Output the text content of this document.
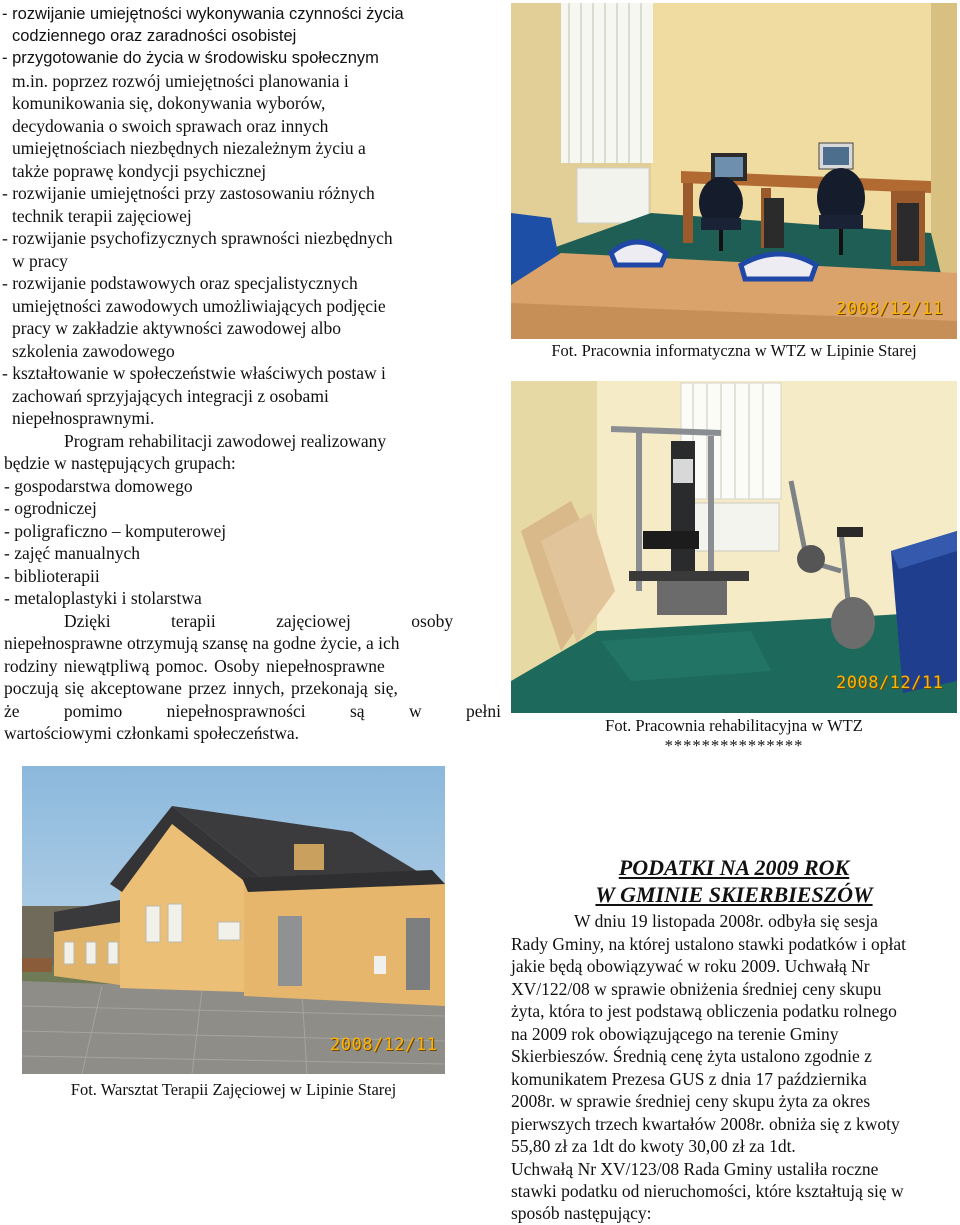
- rozwijanie umiejętności wykonywania czynności życia
codziennego oraz zaradności osobistej
- przygotowanie do życia w środowisku społecznym
m.in. poprzez rozwój umiejętności planowania i
komunikowania się, dokonywania wyborów,
decydowania o swoich sprawach oraz innych
umiejętnościach niezbędnych niezależnym życiu a
także poprawę kondycji psychicznej
- rozwijanie umiejętności przy zastosowaniu różnych
technik terapii zajęciowej
- rozwijanie psychofizycznych sprawności niezbędnych
w pracy
- rozwijanie podstawowych oraz specjalistycznych
umiejętności zawodowych umożliwiających podjęcie
pracy w zakładzie aktywności zawodowej albo
szkolenia zawodowego
- kształtowanie w społeczeństwie właściwych postaw i
zachowań sprzyjających integracji z osobami
niepełnosprawnymi.
Program rehabilitacji zawodowej realizowany
będzie w następujących grupach:
- gospodarstwa domowego
- ogrodniczej
- poligraficzno – komputerowej
- zajęć manualnych
- biblioterapii
- metaloplastyki i stolarstwa
Dzięki terapii zajęciowej osoby
niepełnosprawne otrzymują szansę na godne życie, a ich
rodziny niewątpliwą pomoc. Osoby niepełnosprawne
poczują się akceptowane przez innych, przekonają się,
że pomimo niepełnosprawności są w pełni
wartościowymi członkami społeczeństwa.
2008/12/11
Fot. Pracownia informatyczna w WTZ w Lipinie Starej
2008/12/11
Fot. Pracownia rehabilitacyjna w WTZ
***************
2008/12/11
Fot. Warsztat Terapii Zajęciowej w Lipinie Starej
PODATKI NA 2009 ROK
W GMINIE SKIERBIESZÓW
W dniu 19 listopada 2008r. odbyła się sesja
Rady Gminy, na której ustalono stawki podatków i opłat
jakie będą obowiązywać w roku 2009. Uchwałą Nr
XV/122/08 w sprawie obniżenia średniej ceny skupu
żyta, która to jest podstawą obliczenia podatku rolnego
na 2009 rok obowiązującego na terenie Gminy
Skierbieszów. Średnią cenę żyta ustalono zgodnie z
komunikatem Prezesa GUS z dnia 17 października
2008r. w sprawie średniej ceny skupu żyta za okres
pierwszych trzech kwartałów 2008r. obniża się z kwoty
55,80 zł za 1dt do kwoty 30,00 zł za 1dt.
Uchwałą Nr XV/123/08 Rada Gminy ustaliła roczne
stawki podatku od nieruchomości, które kształtują się w
sposób następujący:
